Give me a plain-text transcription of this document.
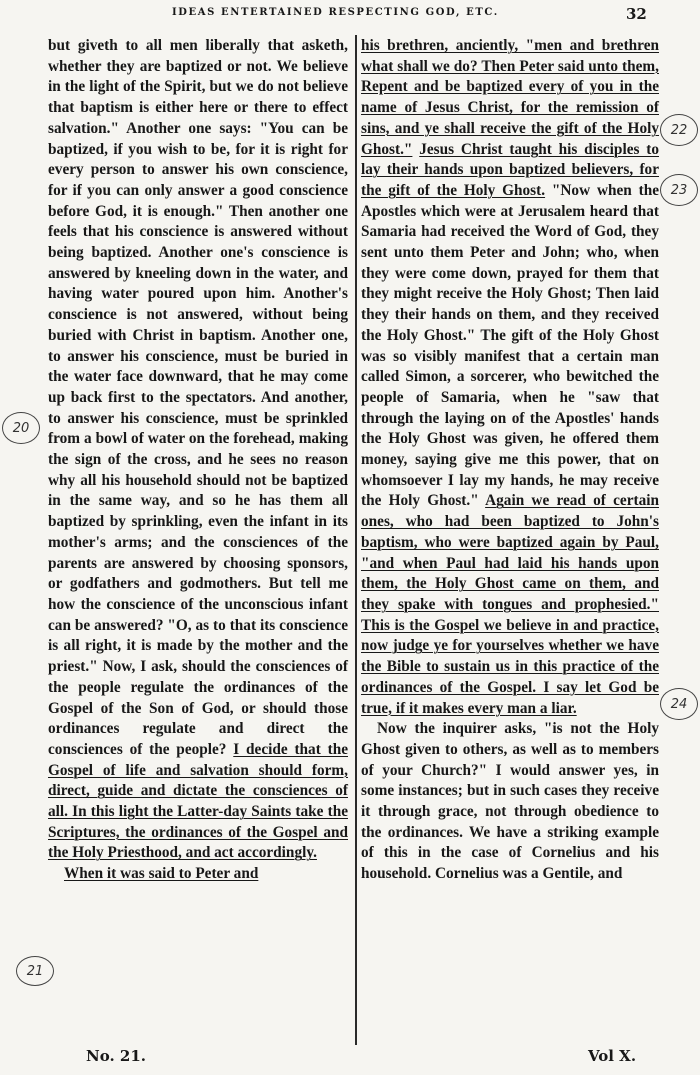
IDEAS ENTERTAINED RESPECTING GOD, ETC.	32

but giveth to all men liberally that asketh, whether they are baptized or not. We believe in the light of the Spirit, but we do not believe that baptism is either here or there to effect salvation." Another one says: "You can be baptized, if you wish to be, for it is right for every person to answer his own conscience, for if you can only answer a good conscience before God, it is enough." Then another one feels that his conscience is answered without being baptized. Another one's conscience is answered by kneeling down in the water, and having water poured upon him. Another's conscience is not answered, without being buried with Christ in baptism. Another one, to answer his conscience, must be buried in the water face downward, that he may come up back first to the spectators. And another, to answer his conscience, must be sprinkled from a bowl of water on the forehead, making the sign of the cross, and he sees no reason why all his household should not be baptized in the same way, and so he has them all baptized by sprinkling, even the infant in its mother's arms; and the consciences of the parents are answered by choosing sponsors, or godfathers and godmothers. But tell me how the conscience of the unconscious infant can be answered? "O, as to that its conscience is all right, it is made by the mother and the priest." Now, I ask, should the consciences of the people regulate the ordinances of the Gospel of the Son of God, or should those ordinances regulate and direct the consciences of the people? I decide that the Gospel of life and salvation should form, direct, guide and dictate the consciences of all. In this light the Latter-day Saints take the Scriptures, the ordinances of the Gospel and the Holy Priesthood, and act accordingly.

When it was said to Peter and

his brethren, anciently, "men and brethren what shall we do? Then Peter said unto them, Repent and be baptized every of you in the name of Jesus Christ, for the remission of sins, and ye shall receive the gift of the Holy Ghost." Jesus Christ taught his disciples to lay their hands upon baptized believers, for the gift of the Holy Ghost. "Now when the Apostles which were at Jerusalem heard that Samaria had received the Word of God, they sent unto them Peter and John; who, when they were come down, prayed for them that they might receive the Holy Ghost; Then laid they their hands on them, and they received the Holy Ghost." The gift of the Holy Ghost was so visibly manifest that a certain man called Simon, a sorcerer, who bewitched the people of Samaria, when he "saw that through the laying on of the Apostles' hands the Holy Ghost was given, he offered them money, saying give me this power, that on whomsoever I lay my hands, he may receive the Holy Ghost." Again we read of certain ones, who had been baptized to John's baptism, who were baptized again by Paul, "and when Paul had laid his hands upon them, the Holy Ghost came on them, and they spake with tongues and prophesied." This is the Gospel we believe in and practice, now judge ye for yourselves whether we have the Bible to sustain us in this practice of the ordinances of the Gospel. I say let God be true, if it makes every man a liar.

Now the inquirer asks, "is not the Holy Ghost given to others, as well as to members of your Church?" I would answer yes, in some instances; but in such cases they receive it through grace, not through obedience to the ordinances. We have a striking example of this in the case of Cornelius and his household. Cornelius was a Gentile, and

20
21
22
23
24
No. 21.	Vol X.
